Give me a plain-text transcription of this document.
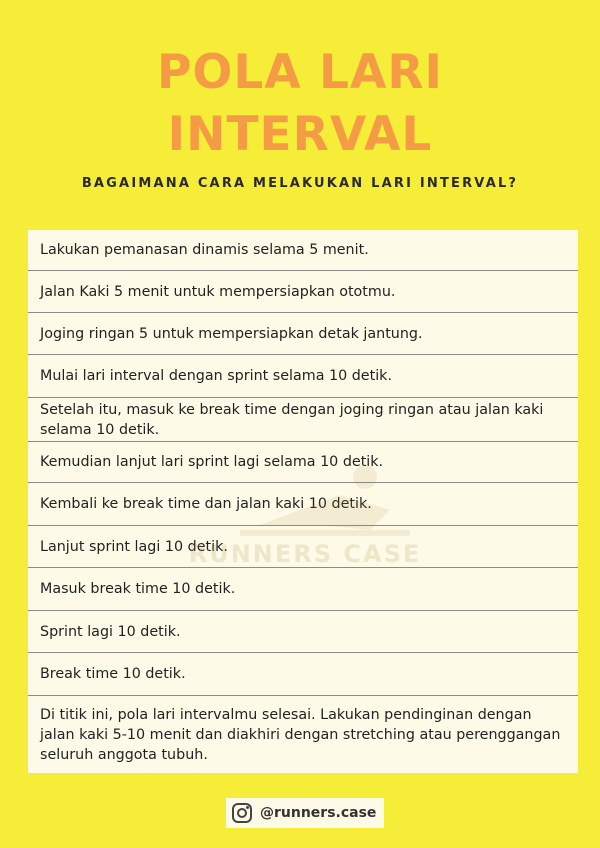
POLA LARI
INTERVAL
BAGAIMANA CARA MELAKUKAN LARI INTERVAL?
Lakukan pemanasan dinamis selama 5 menit.
Jalan Kaki 5 menit untuk mempersiapkan ototmu.
Joging ringan 5 untuk mempersiapkan detak jantung.
Mulai lari interval dengan sprint selama 10 detik.
Setelah itu, masuk ke break time dengan joging ringan atau jalan kaki selama 10 detik.
Kemudian lanjut lari sprint lagi selama 10 detik.
Kembali ke break time dan jalan kaki 10 detik.
Lanjut sprint lagi 10 detik.
Masuk break time 10 detik.
Sprint lagi 10 detik.
Break time 10 detik.
Di titik ini, pola lari intervalmu selesai. Lakukan pendinginan dengan jalan kaki 5-10 menit dan diakhiri dengan stretching atau perenggangan seluruh anggota tubuh.
@runners.case
